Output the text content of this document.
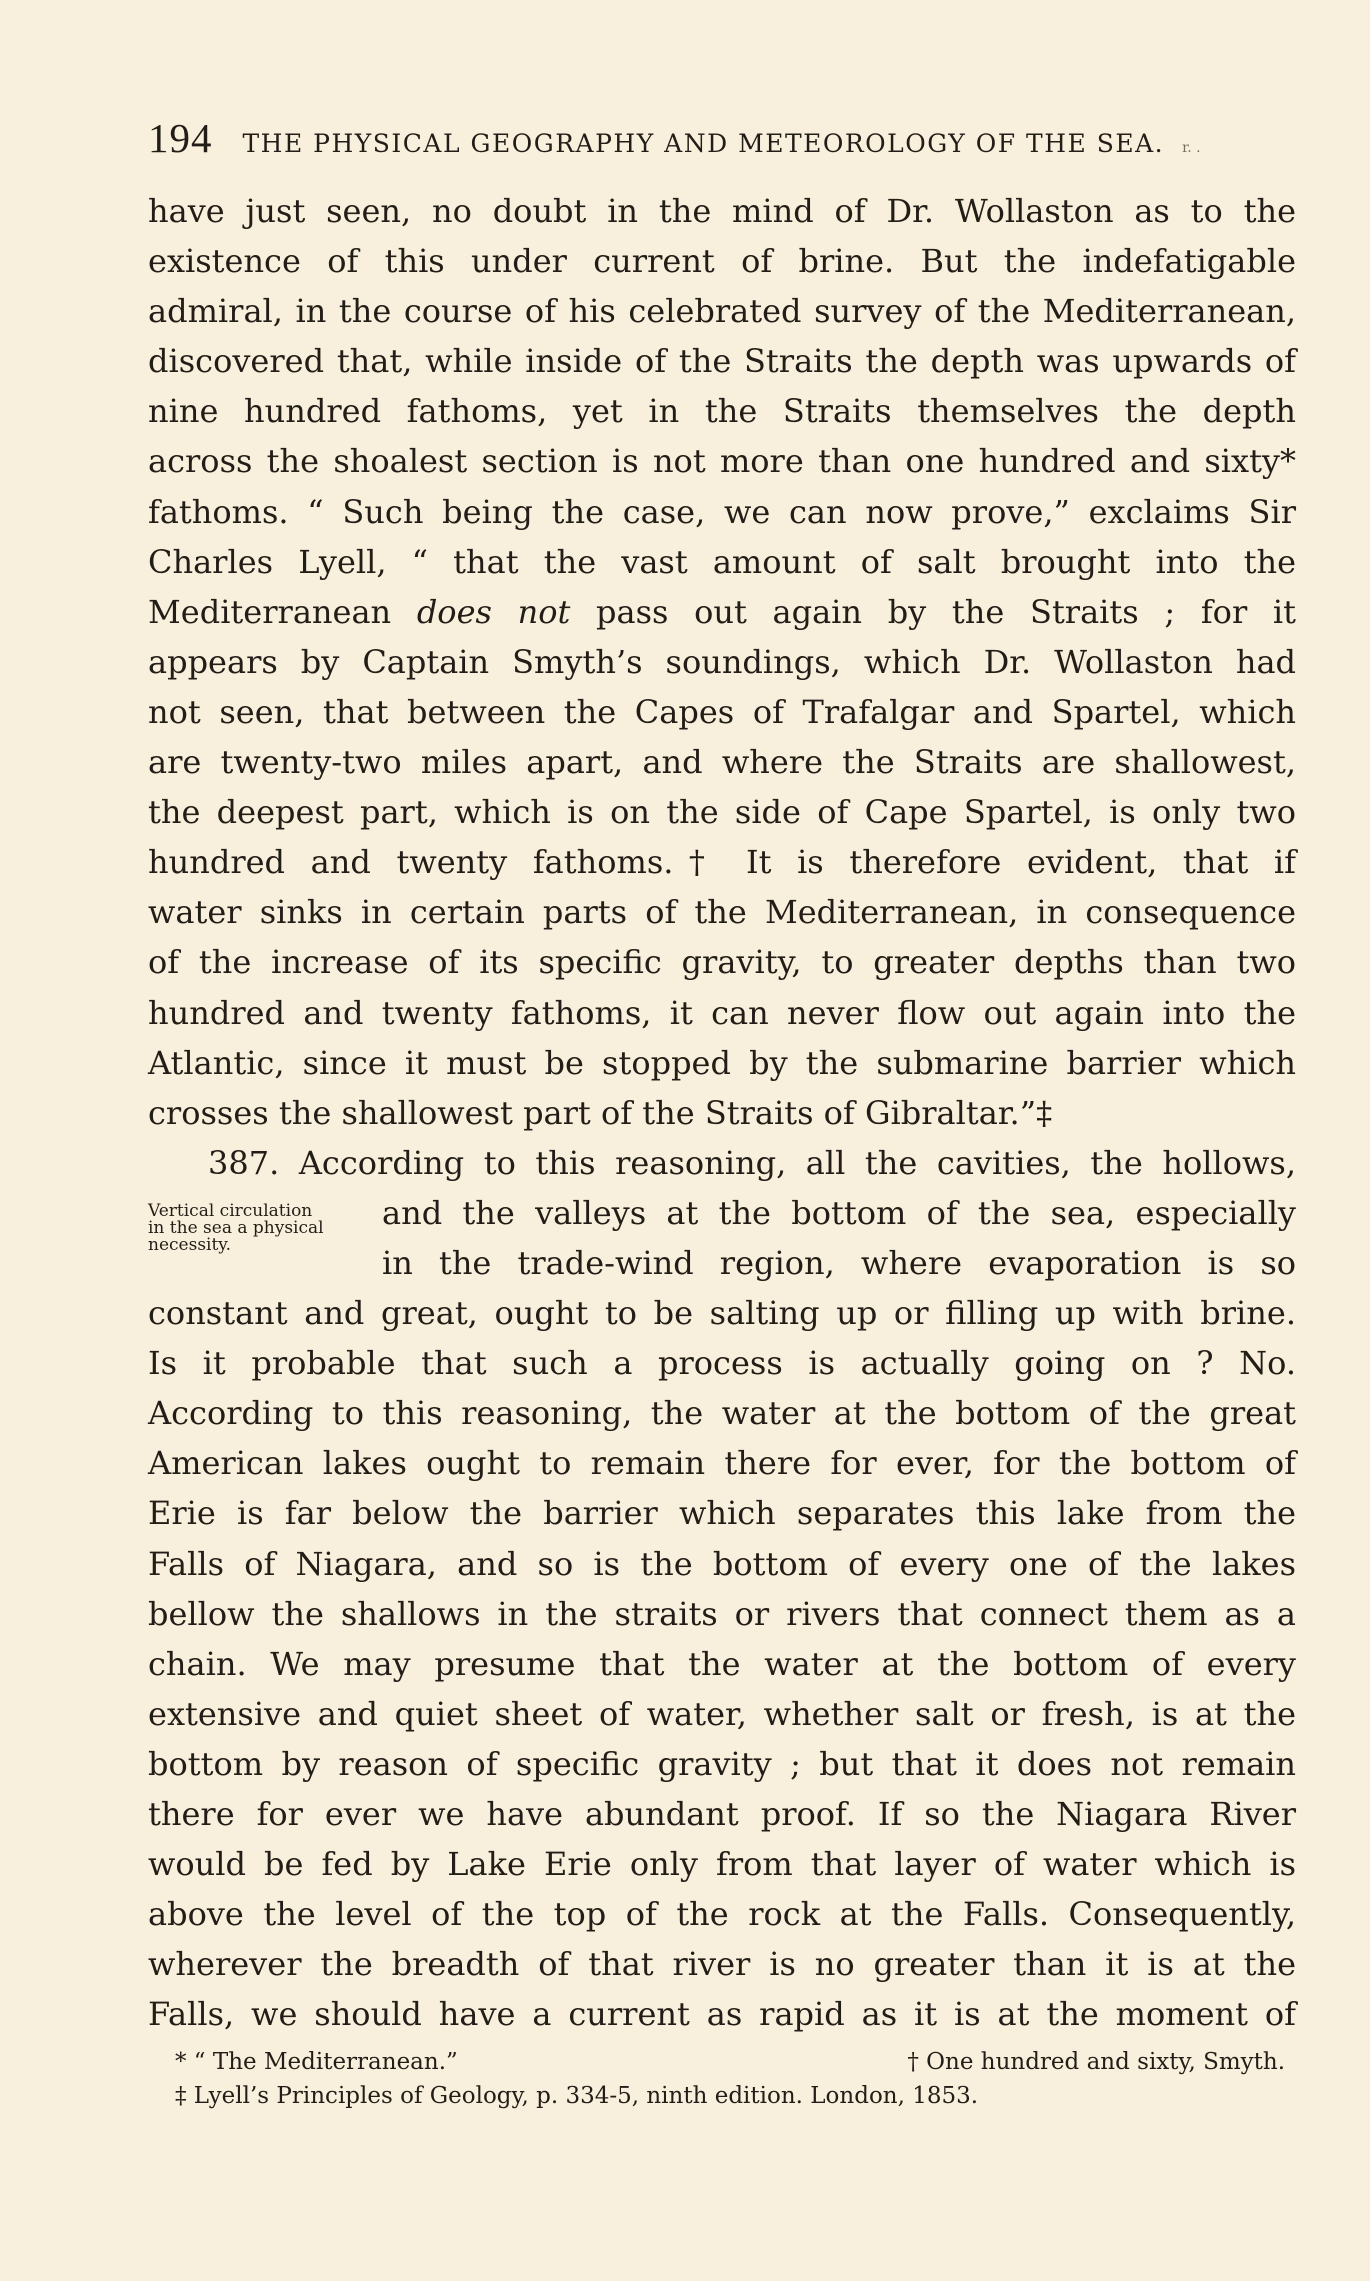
194 THE PHYSICAL GEOGRAPHY AND METEOROLOGY OF THE SEA. r. .
have just seen, no doubt in the mind of Dr. Wollaston as to the
existence of this under current of brine. But the indefatigable
admiral, in the course of his celebrated survey of the Mediterranean,
discovered that, while inside of the Straits the depth was upwards of
nine hundred fathoms, yet in the Straits themselves the depth
across the shoalest section is not more than one hundred and sixty*
fathoms. “ Such being the case, we can now prove,” exclaims Sir
Charles Lyell, “ that the vast amount of salt brought into the
Mediterranean does not pass out again by the Straits ; for it
appears by Captain Smyth’s soundings, which Dr. Wollaston had
not seen, that between the Capes of Trafalgar and Spartel, which
are twenty-two miles apart, and where the Straits are shallowest,
the deepest part, which is on the side of Cape Spartel, is only two
hundred and twenty fathoms.† It is therefore evident, that if
water sinks in certain parts of the Mediterranean, in consequence
of the increase of its specific gravity, to greater depths than two
hundred and twenty fathoms, it can never flow out again into the
Atlantic, since it must be stopped by the submarine barrier which
crosses the shallowest part of the Straits of Gibraltar.”‡
387. According to this reasoning, all the cavities, the hollows,
and the valleys at the bottom of the sea, especially
in the trade-wind region, where evaporation is so
constant and great, ought to be salting up or filling up with brine.
Is it probable that such a process is actually going on ? No.
According to this reasoning, the water at the bottom of the great
American lakes ought to remain there for ever, for the bottom of
Erie is far below the barrier which separates this lake from the
Falls of Niagara, and so is the bottom of every one of the lakes
bellow the shallows in the straits or rivers that connect them as a
chain. We may presume that the water at the bottom of every
extensive and quiet sheet of water, whether salt or fresh, is at the
bottom by reason of specific gravity ; but that it does not remain
there for ever we have abundant proof. If so the Niagara River
would be fed by Lake Erie only from that layer of water which is
above the level of the top of the rock at the Falls. Consequently,
wherever the breadth of that river is no greater than it is at the
Falls, we should have a current as rapid as it is at the moment of
Vertical circulation
in the sea a physical
necessity.
* “ The Mediterranean.”	† One hundred and sixty, Smyth.
‡ Lyell’s Principles of Geology, p. 334-5, ninth edition. London, 1853.
